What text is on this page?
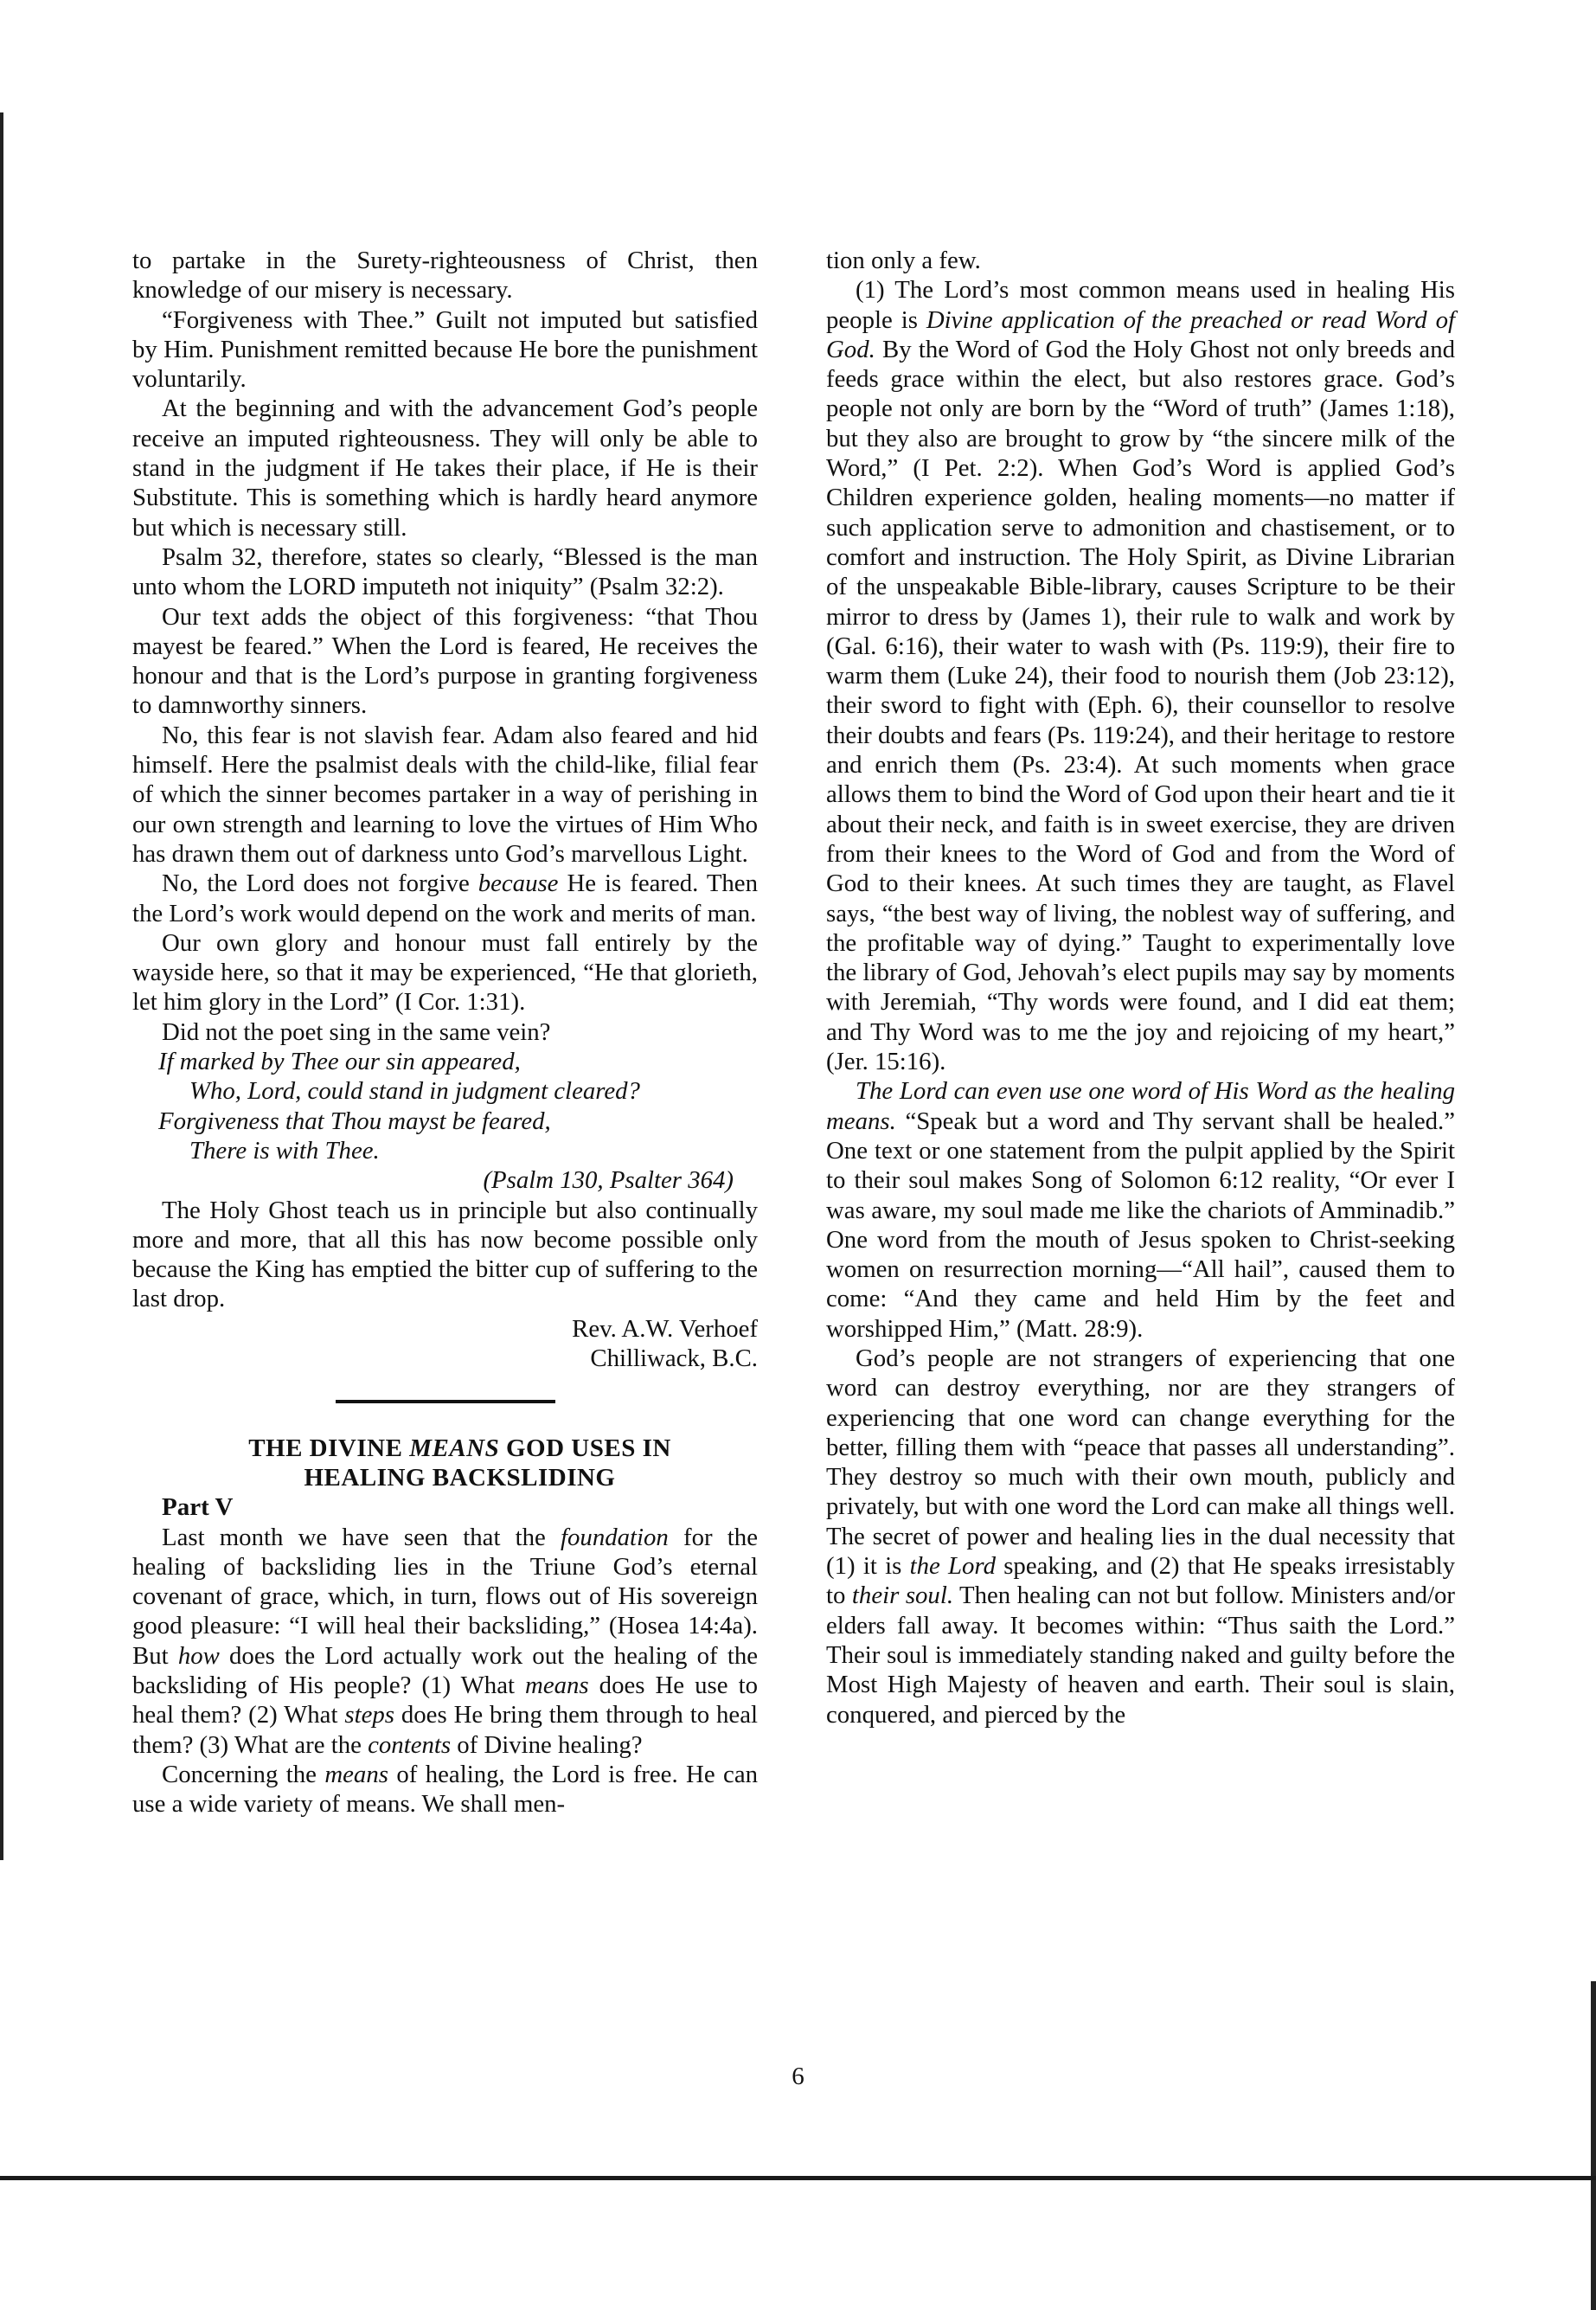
to partake in the Surety-righteousness of Christ, then knowledge of our misery is necessary.

“Forgiveness with Thee.” Guilt not imputed but satisfied by Him. Punishment remitted because He bore the punishment voluntarily.

At the beginning and with the advancement God’s people receive an imputed righteousness. They will only be able to stand in the judgment if He takes their place, if He is their Substitute. This is something which is hardly heard anymore but which is necessary still.

Psalm 32, therefore, states so clearly, “Blessed is the man unto whom the LORD imputeth not iniquity” (Psalm 32:2).

Our text adds the object of this forgiveness: “that Thou mayest be feared.” When the Lord is feared, He receives the honour and that is the Lord’s purpose in granting forgiveness to damnworthy sinners.

No, this fear is not slavish fear. Adam also feared and hid himself. Here the psalmist deals with the child-like, filial fear of which the sinner becomes partaker in a way of perishing in our own strength and learning to love the virtues of Him Who has drawn them out of darkness unto God’s marvellous Light.

No, the Lord does not forgive because He is feared. Then the Lord’s work would depend on the work and merits of man.

Our own glory and honour must fall entirely by the wayside here, so that it may be experienced, “He that glorieth, let him glory in the Lord” (I Cor. 1:31).

Did not the poet sing in the same vein?

If marked by Thee our sin appeared,

Who, Lord, could stand in judgment cleared?

Forgiveness that Thou mayst be feared,

There is with Thee.

(Psalm 130, Psalter 364)

The Holy Ghost teach us in principle but also continually more and more, that all this has now become possible only because the King has emptied the bitter cup of suffering to the last drop.

Rev. A.W. Verhoef

Chilliwack, B.C.

THE DIVINE MEANS GOD USES IN

HEALING BACKSLIDING

Part V

Last month we have seen that the foundation for the healing of backsliding lies in the Triune God’s eternal covenant of grace, which, in turn, flows out of His sovereign good pleasure: “I will heal their backsliding,” (Hosea 14:4a). But how does the Lord actually work out the healing of the backsliding of His people? (1) What means does He use to heal them? (2) What steps does He bring them through to heal them? (3) What are the contents of Divine healing?

Concerning the means of healing, the Lord is free. He can use a wide variety of means. We shall men-

tion only a few.

(1) The Lord’s most common means used in healing His people is Divine application of the preached or read Word of God. By the Word of God the Holy Ghost not only breeds and feeds grace within the elect, but also restores grace. God’s people not only are born by the “Word of truth” (James 1:18), but they also are brought to grow by “the sincere milk of the Word,” (I Pet. 2:2). When God’s Word is applied God’s Children experience golden, healing moments—no matter if such application serve to admonition and chastisement, or to comfort and instruction. The Holy Spirit, as Divine Librarian of the unspeakable Bible-library, causes Scripture to be their mirror to dress by (James 1), their rule to walk and work by (Gal. 6:16), their water to wash with (Ps. 119:9), their fire to warm them (Luke 24), their food to nourish them (Job 23:12), their sword to fight with (Eph. 6), their counsellor to resolve their doubts and fears (Ps. 119:24), and their heritage to restore and enrich them (Ps. 23:4). At such moments when grace allows them to bind the Word of God upon their heart and tie it about their neck, and faith is in sweet exercise, they are driven from their knees to the Word of God and from the Word of God to their knees. At such times they are taught, as Flavel says, “the best way of living, the noblest way of suffering, and the profitable way of dying.” Taught to experimentally love the library of God, Jehovah’s elect pupils may say by moments with Jeremiah, “Thy words were found, and I did eat them; and Thy Word was to me the joy and rejoicing of my heart,” (Jer. 15:16).

The Lord can even use one word of His Word as the healing means. “Speak but a word and Thy servant shall be healed.” One text or one statement from the pulpit applied by the Spirit to their soul makes Song of Solomon 6:12 reality, “Or ever I was aware, my soul made me like the chariots of Amminadib.” One word from the mouth of Jesus spoken to Christ-seeking women on resurrection morning—“All hail”, caused them to come: “And they came and held Him by the feet and worshipped Him,” (Matt. 28:9).

God’s people are not strangers of experiencing that one word can destroy everything, nor are they strangers of experiencing that one word can change everything for the better, filling them with “peace that passes all understanding”. They destroy so much with their own mouth, publicly and privately, but with one word the Lord can make all things well. The secret of power and healing lies in the dual necessity that (1) it is the Lord speaking, and (2) that He speaks irresistably to their soul. Then healing can not but follow. Ministers and/or elders fall away. It becomes within: “Thus saith the Lord.” Their soul is immediately standing naked and guilty before the Most High Majesty of heaven and earth. Their soul is slain, conquered, and pierced by the

6
